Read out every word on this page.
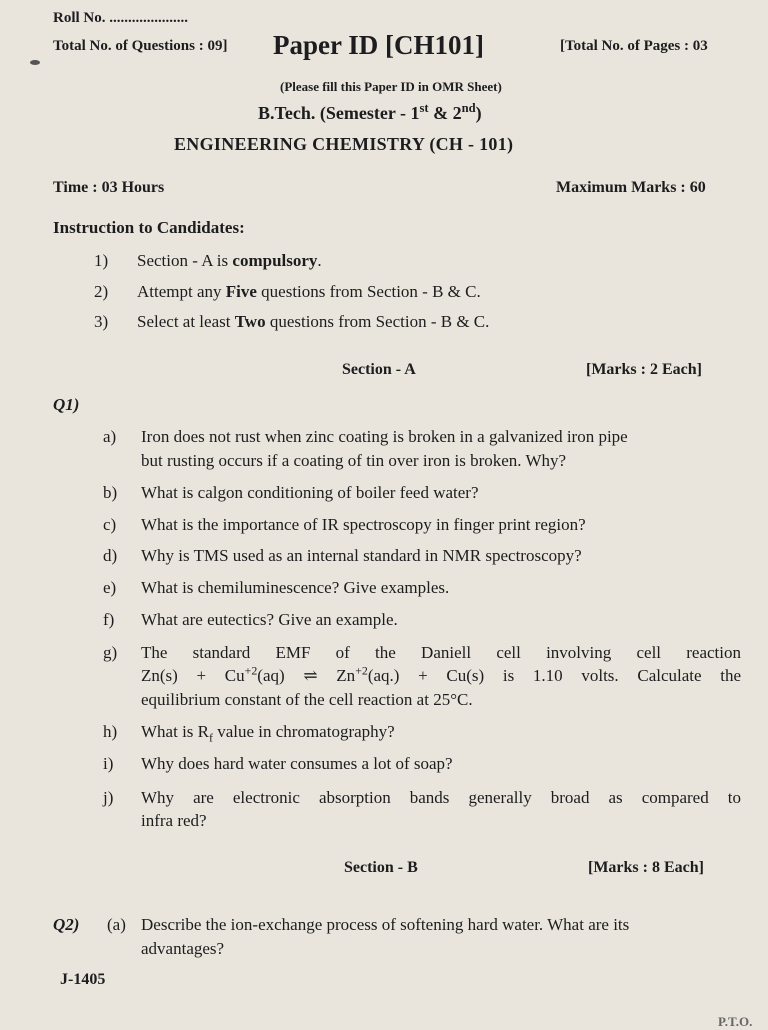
Roll No. .....................
Total No. of Questions : 09] Paper ID [CH101]	[Total No. of Pages : 03
(Please fill this Paper ID in OMR Sheet)
B.Tech. (Semester - 1st & 2nd)
ENGINEERING CHEMISTRY (CH - 101)
Time : 03 Hours	Maximum Marks : 60
Instruction to Candidates:
1) Section - A is compulsory.
2) Attempt any Five questions from Section - B & C.
3) Select at least Two questions from Section - B & C.
Section - A	[Marks : 2 Each]
Q1)
a) Iron does not rust when zinc coating is broken in a galvanized iron pipe
but rusting occurs if a coating of tin over iron is broken. Why?
b) What is calgon conditioning of boiler feed water?
c) What is the importance of IR spectroscopy in finger print region?
d) Why is TMS used as an internal standard in NMR spectroscopy?
e) What is chemiluminescence? Give examples.
f) What are eutectics? Give an example.
g) The standard EMF of the Daniell cell involving cell reaction
$Zn(s) + Cu^{+2}(aq)$ ⇌ $Zn^{+2}(aq.) + Cu(s)$ is 1.10 volts. Calculate the
equilibrium constant of the cell reaction at 25°C.
h) What is $R_f$ value in chromatography?
i) Why does hard water consumes a lot of soap?
j) Why are electronic absorption bands generally broad as compared to
infra red?
Section - B	[Marks : 8 Each]
Q2) (a) Describe the ion-exchange process of softening hard water. What are its
advantages?
J-1405
P.T.O.
